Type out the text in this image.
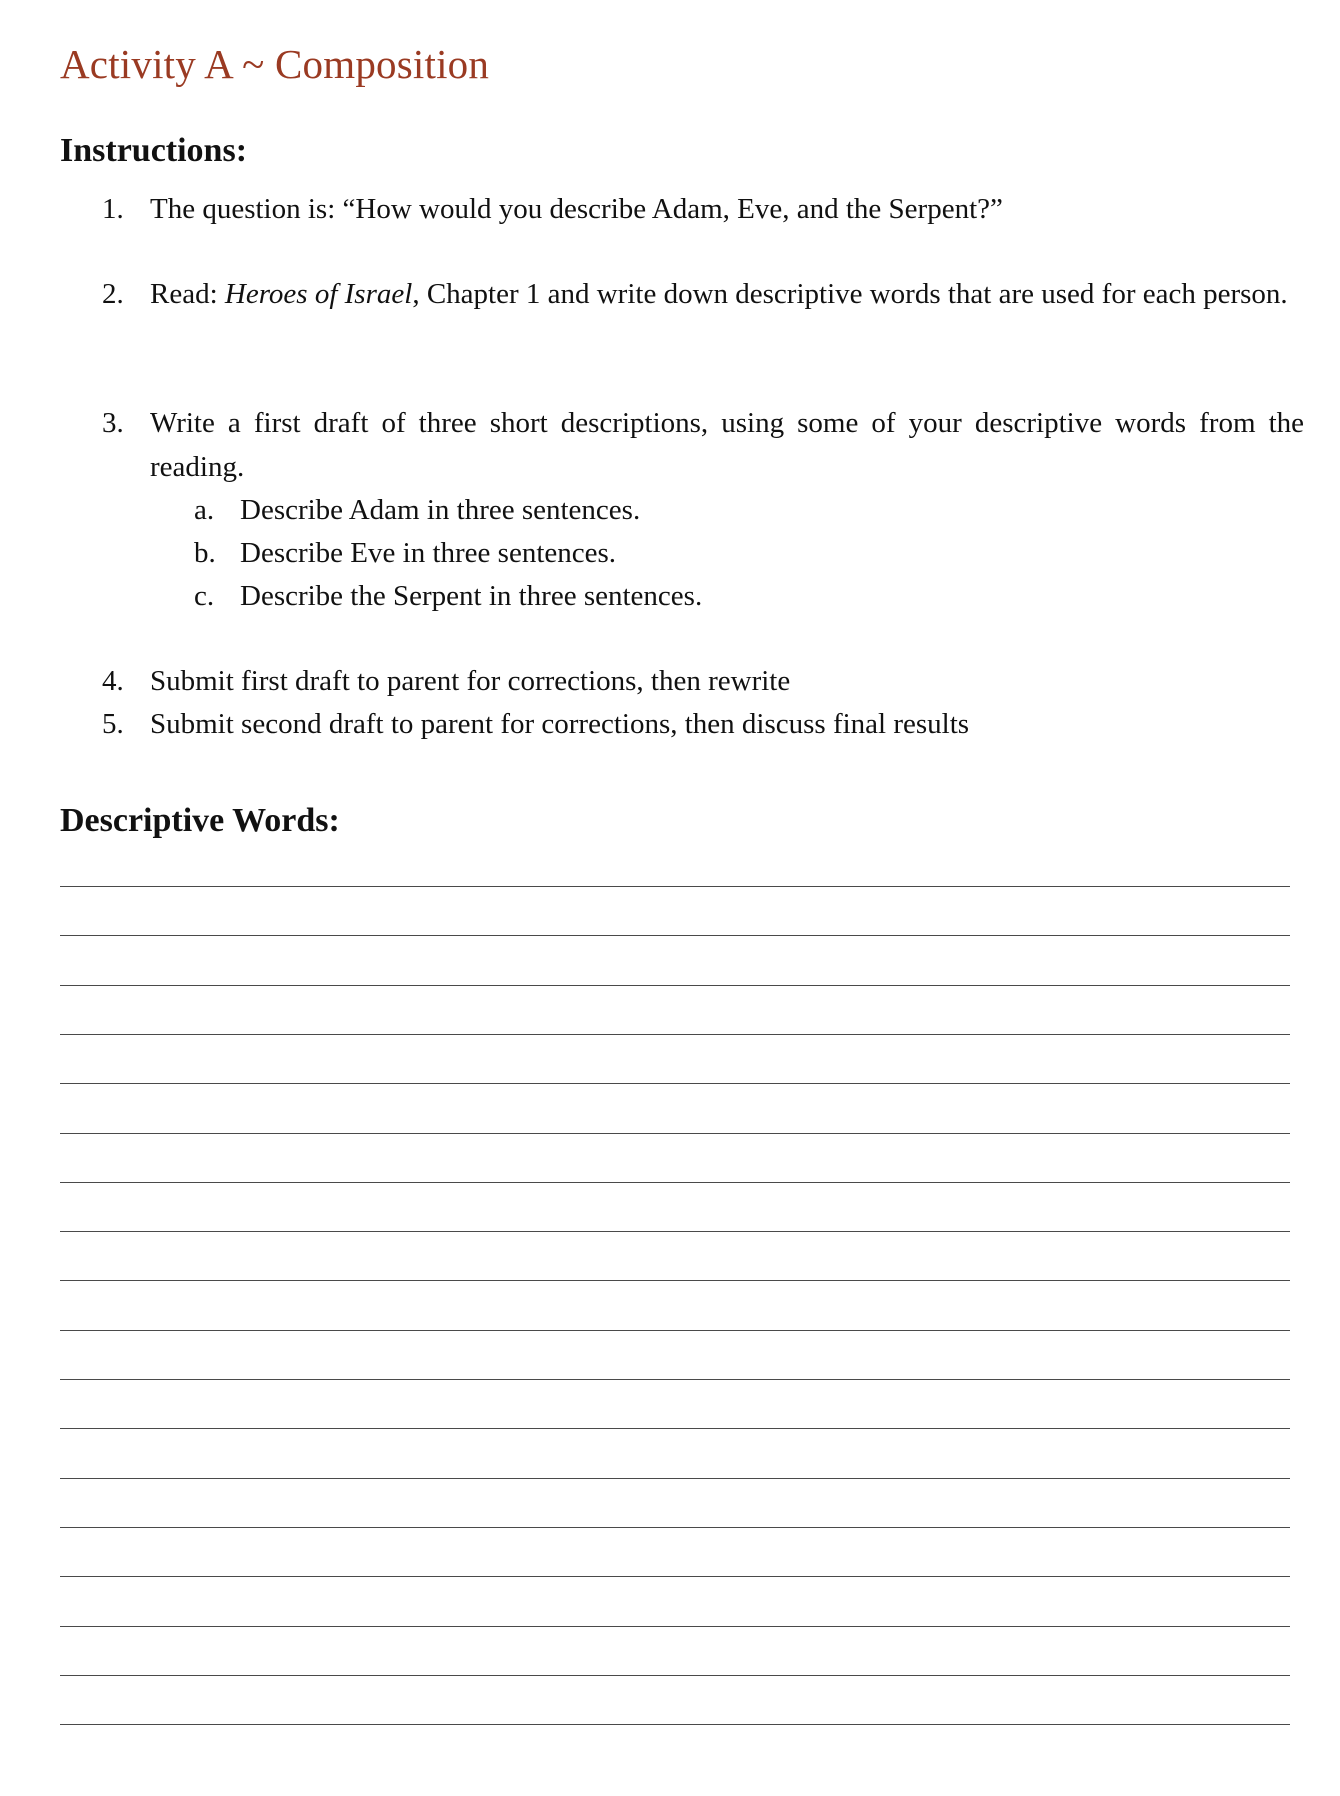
Activity A ~ Composition
Instructions:
1. The question is: “How would you describe Adam, Eve, and the Serpent?”
2. Read: Heroes of Israel, Chapter 1 and write down descriptive words that are used for each person.
3. Write a first draft of three short descriptions, using some of your descriptive words from the reading.
a. Describe Adam in three sentences.
b. Describe Eve in three sentences.
c. Describe the Serpent in three sentences.
4. Submit first draft to parent for corrections, then rewrite
5. Submit second draft to parent for corrections, then discuss final results
Descriptive Words:
